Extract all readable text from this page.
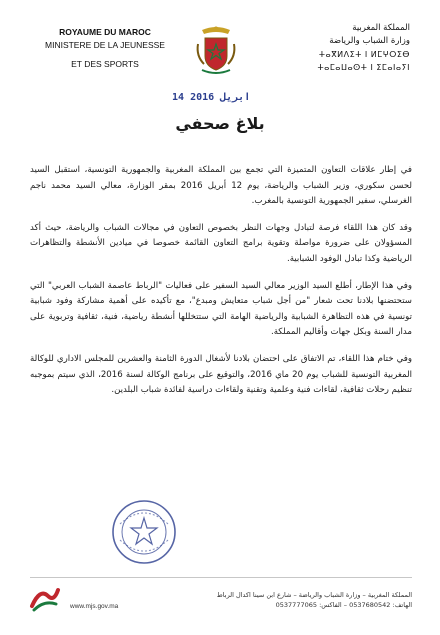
ROYAUME DU MAROC
MINISTERE DE LA JEUNESSE
ET DES SPORTS
المملكة المغربية
وزارة الشباب والرياضة
ⵜⴰⴳⵍⴷⵉⵜ ⵏ ⵍⵎⵖⵔⵉⴱ ⵜⴰⵎⴰⵡⴰⵙⵜ ⵏ ⵉⵎⴰⵏⴰⵢⵏ
14 ابريل 2016
بلاغ صحفي

في إطار علاقات التعاون المتميزة التي تجمع بين المملكة المغربية والجمهورية التونسية، استقبل السيد لحسن سكوري، وزير الشباب والرياضة، يوم 12 أبريل 2016 بمقر الوزارة، معالي السيد محمد ناجم الغرسلي، سفير الجمهورية التونسية بالمغرب.

وقد كان هذا اللقاء فرصة لتبادل وجهات النظر بخصوص التعاون في مجالات الشباب والرياضة، حيث أكد المسؤولان على ضرورة مواصلة وتقوية برامج التعاون القائمة خصوصا في ميادين الأنشطة والتظاهرات الرياضية وكذا تبادل الوفود الشبابية.

وفي هذا الإطار، أطلع السيد الوزير معالي السيد السفير على فعاليات "الرباط عاصمة الشباب العربي" التي ستحتضنها بلادنا تحت شعار "من أجل شباب متعايش ومبدع"، مع تأكيده على أهمية مشاركة وفود شبابية تونسية في هذه التظاهرة الشبابية والرياضية الهامة التي ستتخللها أنشطة رياضية، فنية، ثقافية وتربوية على مدار السنة وبكل جهات وأقاليم المملكة.

وفي ختام هذا اللقاء، تم الاتفاق على احتضان بلادنا لأشغال الدورة الثامنة والعشرين للمجلس الاداري للوكالة المغربية التونسية للشباب يوم 20 ماي 2016، والتوقيع على برنامج الوكالة لسنة 2016، الذي سيتم بموجبه تنظيم رحلات ثقافية، لقاءات فنية وعلمية وتقنية ولقاءات دراسية لفائدة شباب البلدين.

www.mjs.gov.ma
المملكة المغربية – وزارة الشباب والرياضة – شارع ابن سينا اكدال الرباط
الهاتف: 0537680542 – الفاكس: 0537777065
